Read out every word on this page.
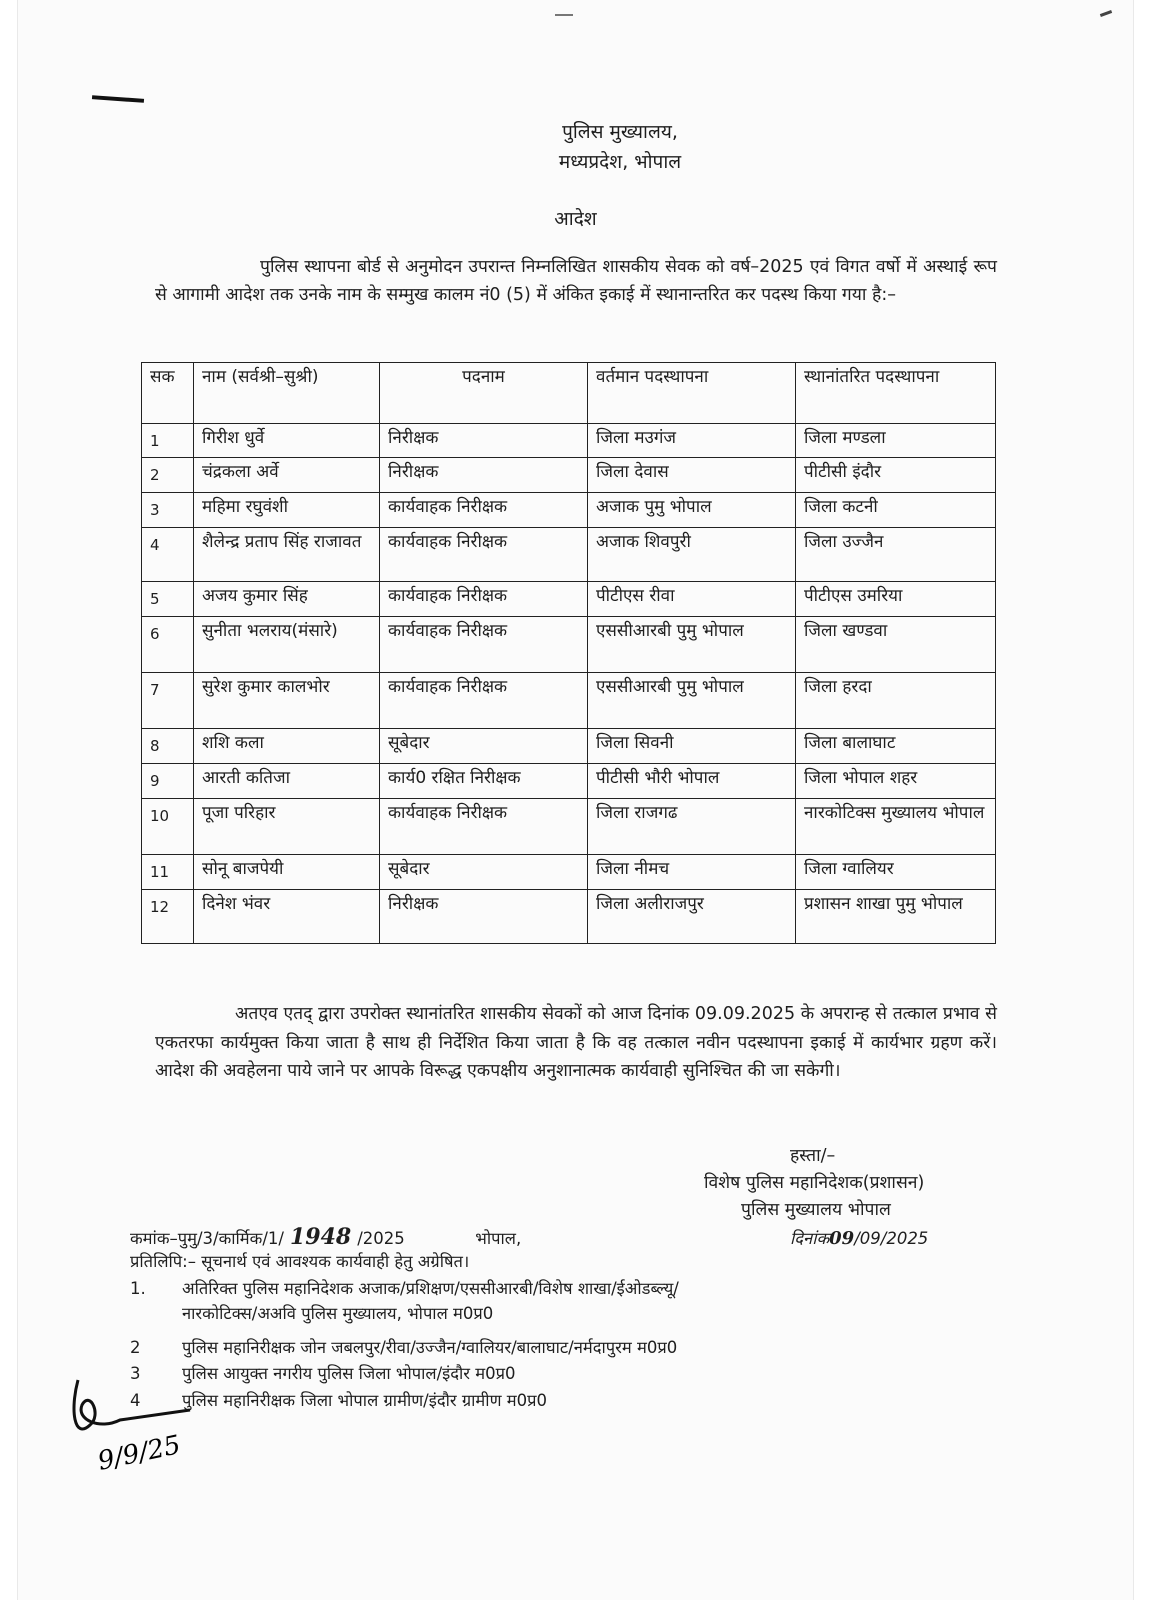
पुलिस मुख्यालय,
मध्यप्रदेश, भोपाल
आदेश
पुलिस स्थापना बोर्ड से अनुमोदन उपरान्त निम्नलिखित शासकीय सेवक को वर्ष–2025 एवं विगत वर्षो में अस्थाई रूप से आगामी आदेश तक उनके नाम के सम्मुख कालम नं0 (5) में अंकित इकाई में स्थानान्तरित कर पदस्थ किया गया है:–
सक	नाम (सर्वश्री–सुश्री)	पदनाम	वर्तमान पदस्थापना	स्थानांतरित पदस्थापना
1	गिरीश धुर्वे	निरीक्षक	जिला मउगंज	जिला मण्डला
2	चंद्रकला अर्वे	निरीक्षक	जिला देवास	पीटीसी इंदौर
3	महिमा रघुवंशी	कार्यवाहक निरीक्षक	अजाक पुमु भोपाल	जिला कटनी
4	शैलेन्द्र प्रताप सिंह राजावत	कार्यवाहक निरीक्षक	अजाक शिवपुरी	जिला उज्जैन
5	अजय कुमार सिंह	कार्यवाहक निरीक्षक	पीटीएस रीवा	पीटीएस उमरिया
6	सुनीता भलराय(मंसारे)	कार्यवाहक निरीक्षक	एससीआरबी पुमु भोपाल	जिला खण्डवा
7	सुरेश कुमार कालभोर	कार्यवाहक निरीक्षक	एससीआरबी पुमु भोपाल	जिला हरदा
8	शशि कला	सूबेदार	जिला सिवनी	जिला बालाघाट
9	आरती कतिजा	कार्य0 रक्षित निरीक्षक	पीटीसी भौरी भोपाल	जिला भोपाल शहर
10	पूजा परिहार	कार्यवाहक निरीक्षक	जिला राजगढ	नारकोटिक्स मुख्यालय भोपाल
11	सोनू बाजपेयी	सूबेदार	जिला नीमच	जिला ग्वालियर
12	दिनेश भंवर	निरीक्षक	जिला अलीराजपुर	प्रशासन शाखा पुमु भोपाल
अतएव एतद् द्वारा उपरोक्त स्थानांतरित शासकीय सेवकों को आज दिनांक 09.09.2025 के अपरान्ह से तत्काल प्रभाव से एकतरफा कार्यमुक्त किया जाता है साथ ही निर्देशित किया जाता है कि वह तत्काल नवीन पदस्थापना इकाई में कार्यभार ग्रहण करें। आदेश की अवहेलना पाये जाने पर आपके विरूद्ध एकपक्षीय अनुशानात्मक कार्यवाही सुनिश्चित की जा सकेगी।
हस्ता/–
विशेष पुलिस महानिदेशक(प्रशासन)
पुलिस मुख्यालय भोपाल
कमांक–पुमु/3/कार्मिक/1/ 1948 /2025	भोपाल,	दिनांक09/09/2025
प्रतिलिपि:– सूचनार्थ एवं आवश्यक कार्यवाही हेतु अग्रेषित।
1. अतिरिक्त पुलिस महानिदेशक अजाक/प्रशिक्षण/एससीआरबी/विशेष शाखा/ईओडब्ल्यू/
नारकोटिक्स/अअवि पुलिस मुख्यालय, भोपाल म0प्र0
2	पुलिस महानिरीक्षक जोन जबलपुर/रीवा/उज्जैन/ग्वालियर/बालाघाट/नर्मदापुरम म0प्र0
3	पुलिस आयुक्त नगरीय पुलिस जिला भोपाल/इंदौर म0प्र0
4	पुलिस महानिरीक्षक जिला भोपाल ग्रामीण/इंदौर ग्रामीण म0प्र0
9/9/25
